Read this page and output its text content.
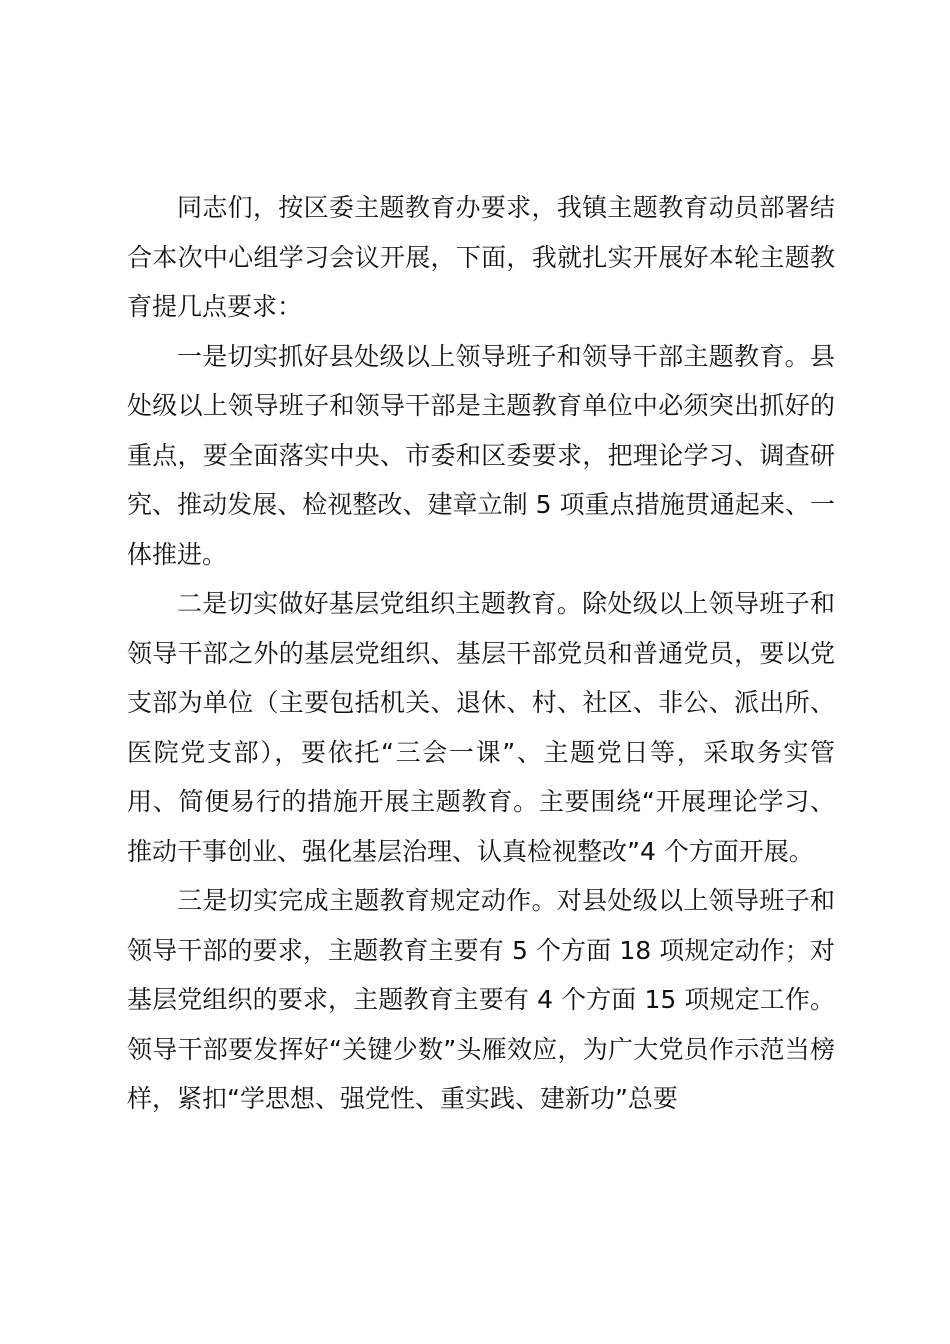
同志们，按区委主题教育办要求，我镇主题教育动员部署结合本次中心组学习会议开展，下面，我就扎实开展好本轮主题教育提几点要求：

一是切实抓好县处级以上领导班子和领导干部主题教育。县处级以上领导班子和领导干部是主题教育单位中必须突出抓好的重点，要全面落实中央、市委和区委要求，把理论学习、调查研究、推动发展、检视整改、建章立制 5 项重点措施贯通起来、一体推进。

二是切实做好基层党组织主题教育。除处级以上领导班子和领导干部之外的基层党组织、基层干部党员和普通党员，要以党支部为单位（主要包括机关、退休、村、社区、非公、派出所、医院党支部），要依托“三会一课”、主题党日等，采取务实管用、简便易行的措施开展主题教育。主要围绕“开展理论学习、推动干事创业、强化基层治理、认真检视整改”4 个方面开展。

三是切实完成主题教育规定动作。对县处级以上领导班子和领导干部的要求，主题教育主要有 5 个方面 18 项规定动作；对基层党组织的要求，主题教育主要有 4 个方面 15 项规定工作。领导干部要发挥好“关键少数”头雁效应，为广大党员作示范当榜样，紧扣“学思想、强党性、重实践、建新功”总要
